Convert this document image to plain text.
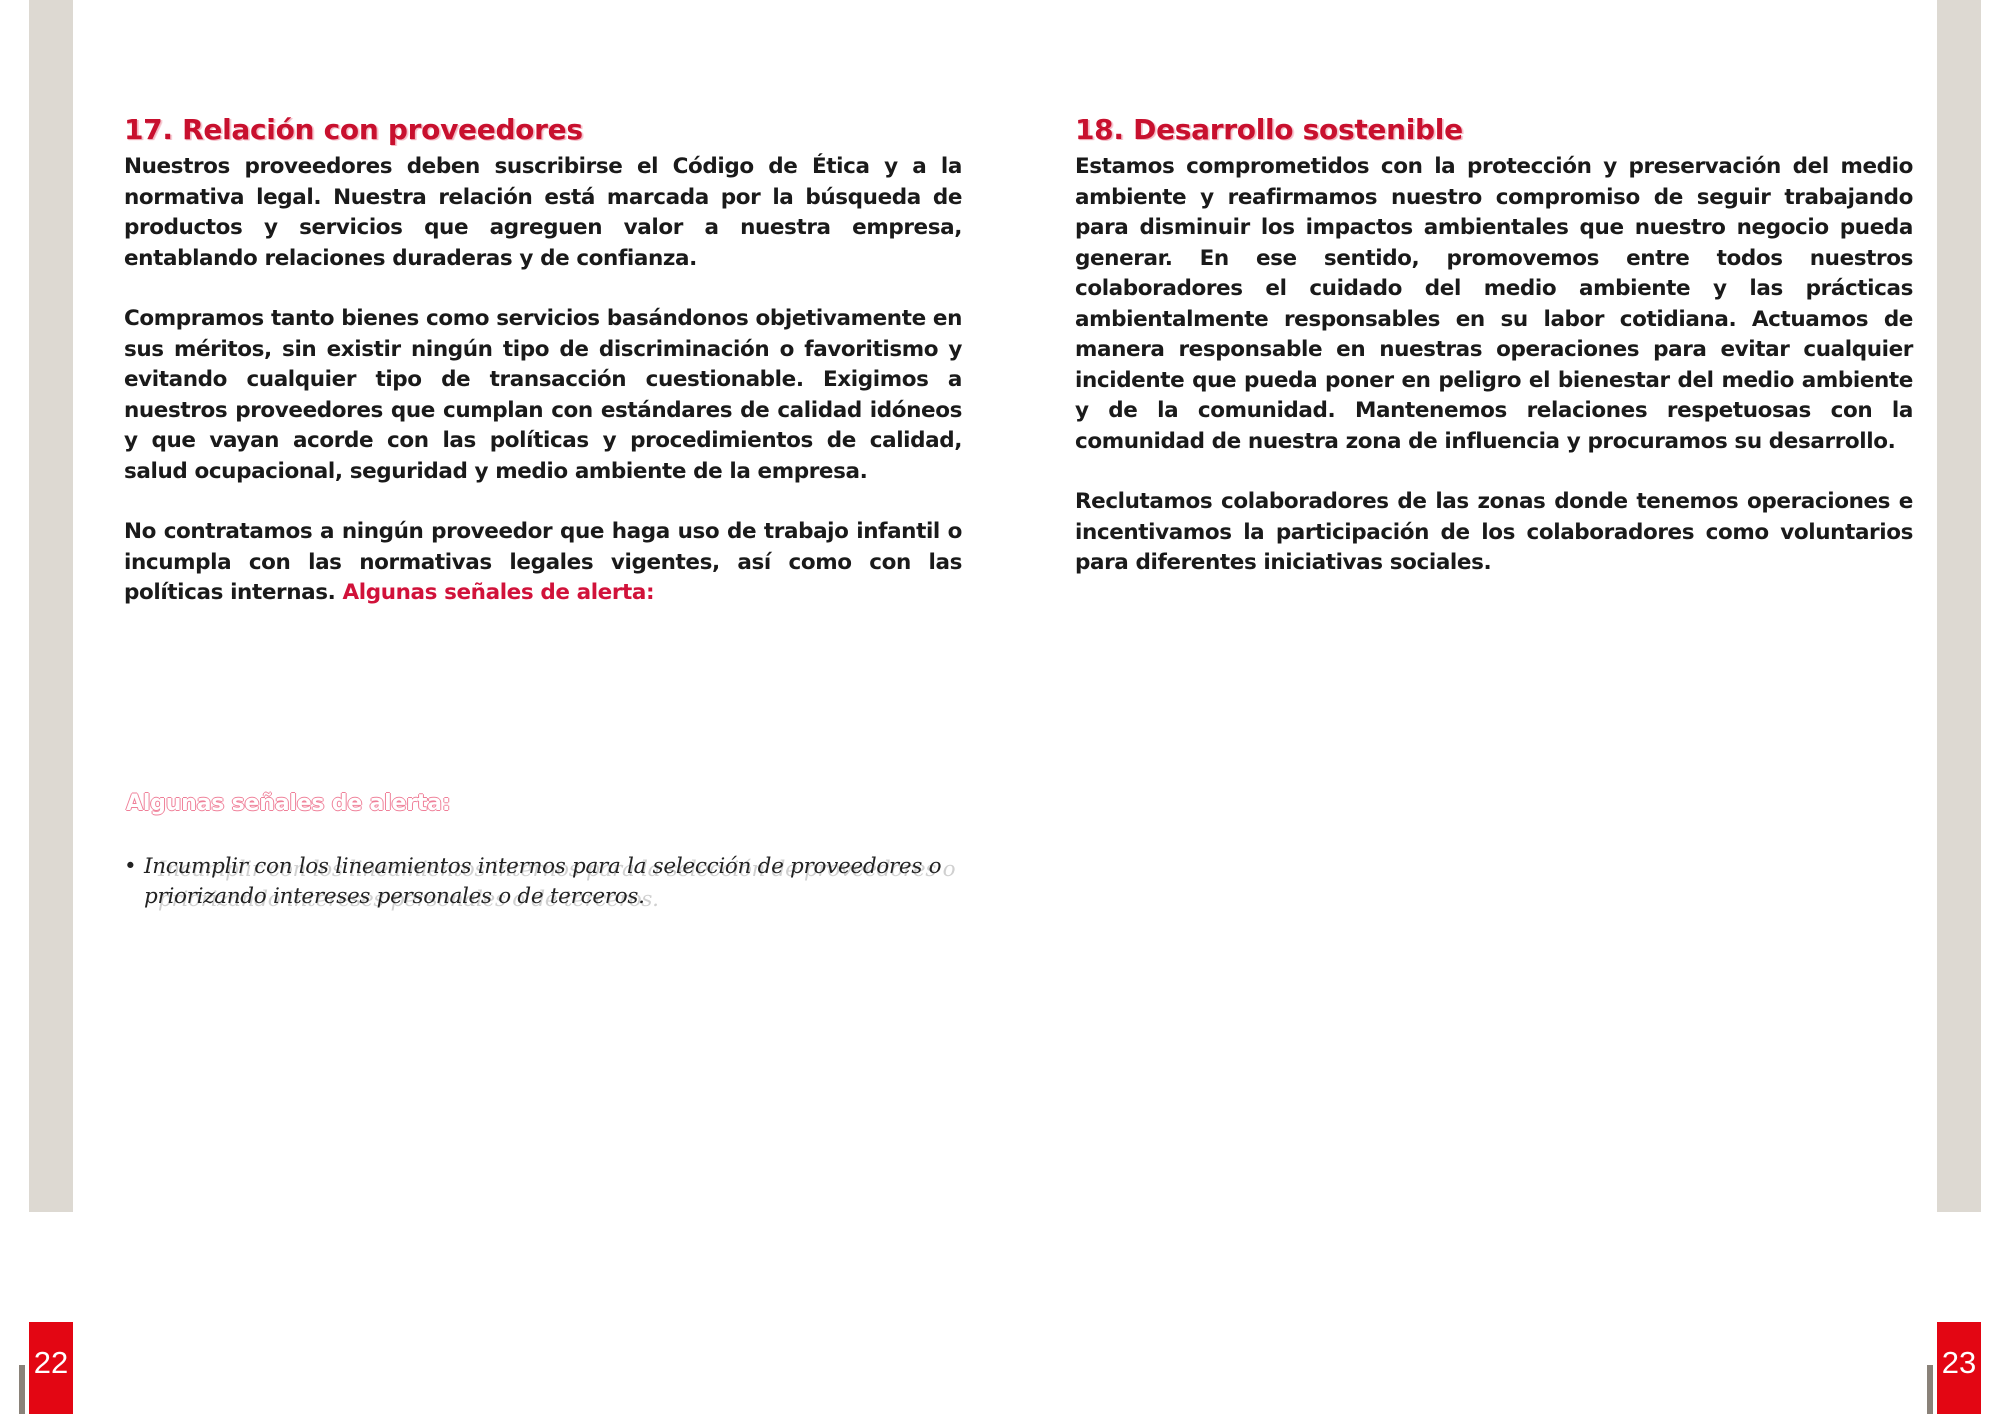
17. Relación con proveedores

Nuestros proveedores deben suscribirse el Código de Ética y a la normativa legal. Nuestra relación está marcada por la búsqueda de productos y servicios que agreguen valor a nuestra empresa, entablando relaciones duraderas y de confianza.

Compramos tanto bienes como servicios basándonos objetivamente en sus méritos, sin existir ningún tipo de discriminación o favoritismo y evitando cualquier tipo de transacción cuestionable. Exigimos a nuestros proveedores que cumplan con estándares de calidad idóneos y que vayan acorde con las políticas y procedimientos de calidad, salud ocupacional, seguridad y medio ambiente de la empresa.

No contratamos a ningún proveedor que haga uso de trabajo infantil o incumpla con las normativas legales vigentes, así como con las políticas internas. Algunas señales de alerta:

Algunas señales de alerta:
• Incumplir con los lineamientos internos para la selección de proveedores o priorizando intereses personales o de terceros.
18. Desarrollo sostenible

Estamos comprometidos con la protección y preservación del medio ambiente y reafirmamos nuestro compromiso de seguir trabajando para disminuir los impactos ambientales que nuestro negocio pueda generar. En ese sentido, promovemos entre todos nuestros colaboradores el cuidado del medio ambiente y las prácticas ambientalmente responsables en su labor cotidiana. Actuamos de manera responsable en nuestras operaciones para evitar cualquier incidente que pueda poner en peligro el bienestar del medio ambiente y de la comunidad. Mantenemos relaciones respetuosas con la comunidad de nuestra zona de influencia y procuramos su desarrollo.

Reclutamos colaboradores de las zonas donde tenemos operaciones e incentivamos la participación de los colaboradores como voluntarios para diferentes iniciativas sociales.

22	23
